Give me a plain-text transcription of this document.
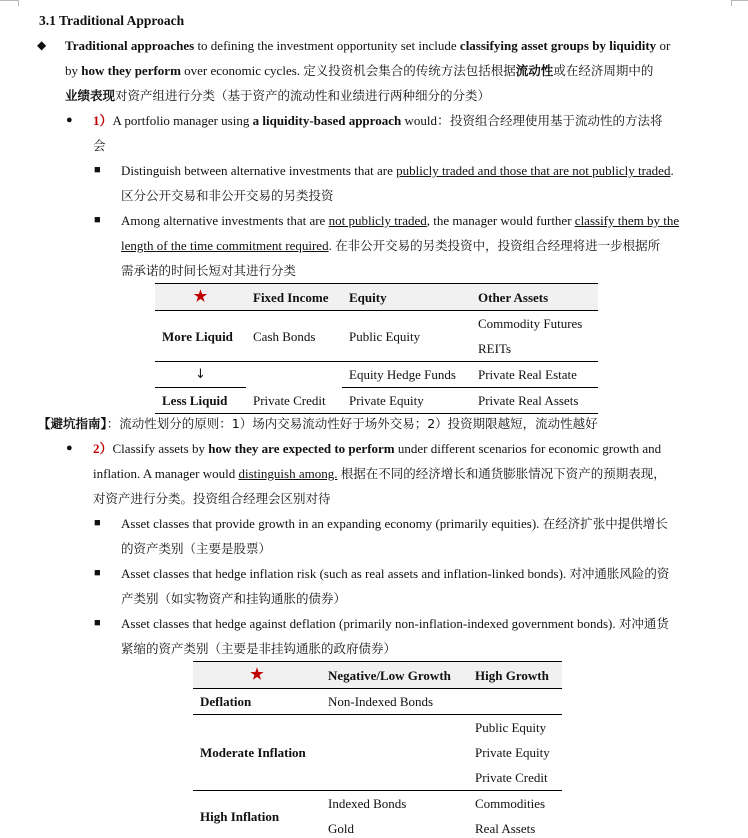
3.1 Traditional Approach
◆ Traditional approaches to defining the investment opportunity set include classifying asset groups by liquidity or
by how they perform over economic cycles. 定义投资机会集合的传统方法包括根据流动性或在经济周期中的
业绩表现对资产组进行分类（基于资产的流动性和业绩进行两种细分的分类）
● 1）A portfolio manager using a liquidity-based approach would：投资组合经理使用基于流动性的方法将
会
■ Distinguish between alternative investments that are publicly traded and those that are not publicly traded.
区分公开交易和非公开交易的另类投资
■ Among alternative investments that are not publicly traded, the manager would further classify them by the
length of the time commitment required. 在非公开交易的另类投资中，投资组合经理将进一步根据所
需承诺的时间长短对其进行分类
★	Fixed Income	Equity	Other Assets
More Liquid	Cash Bonds	Public Equity	Commodity Futures
			REITs
↓		Equity Hedge Funds	Private Real Estate
Less Liquid	Private Credit	Private Equity	Private Real Assets
【避坑指南】：流动性划分的原则：1）场内交易流动性好于场外交易；2）投资期限越短，流动性越好
● 2）Classify assets by how they are expected to perform under different scenarios for economic growth and
inflation. A manager would distinguish among. 根据在不同的经济增长和通货膨胀情况下资产的预期表现，
对资产进行分类。投资组合经理会区别对待
■ Asset classes that provide growth in an expanding economy (primarily equities). 在经济扩张中提供增长
的资产类别（主要是股票）
■ Asset classes that hedge inflation risk (such as real assets and inflation-linked bonds). 对冲通胀风险的资
产类别（如实物资产和挂钩通胀的债券）
■ Asset classes that hedge against deflation (primarily non-inflation-indexed government bonds). 对冲通货
紧缩的资产类别（主要是非挂钩通胀的政府债券）
★	Negative/Low Growth	High Growth
Deflation	Non-Indexed Bonds	
Moderate Inflation		Public Equity
		Private Equity
		Private Credit
High Inflation	Indexed Bonds	Commodities
	Gold	Real Assets
